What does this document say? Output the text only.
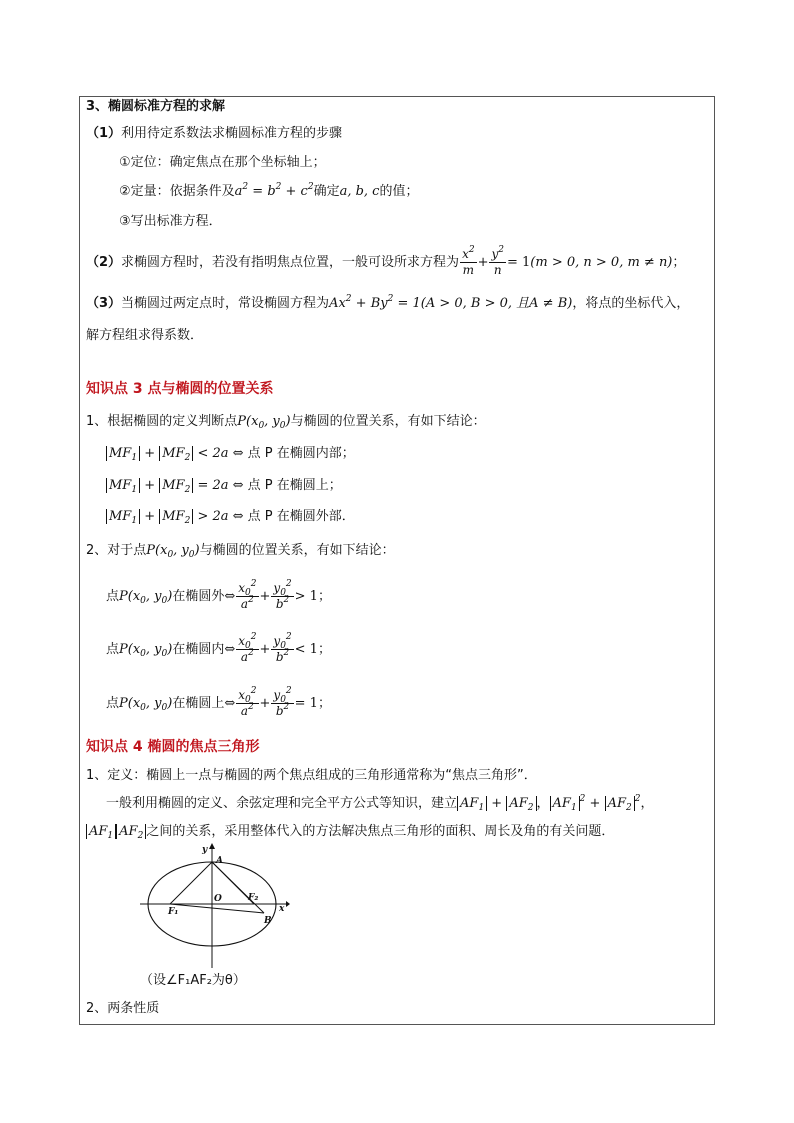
3、椭圆标准方程的求解
（1）利用待定系数法求椭圆标准方程的步骤
①定位：确定焦点在那个坐标轴上；
②定量：依据条件及$a^2 = b^2 + c^2$确定a, b, c的值；
③写出标准方程．
（2）求椭圆方程时，若没有指明焦点位置，一般可设所求方程为 $\frac{x^2}{m} + \frac{y^2}{n} = 1(m > 0$, n > 0, m ≠ n)；
（3）当椭圆过两定点时，常设椭圆方程为$Ax^2 + By^2 = 1(A > 0$, B > 0, 且A ≠ B)，将点的坐标代入，
解方程组求得系数．
知识点 3 点与椭圆的位置关系
1、根据椭圆的定义判断点$P(x_0$, $y_0$)与椭圆的位置关系，有如下结论：
$MF_1 + MF_2 < 2a$ ⇔ 点 P 在椭圆内部；
$MF_1 + MF_2 = 2a$ ⇔ 点 P 在椭圆上；
$MF_1 + MF_2 > 2a$ ⇔ 点 P 在椭圆外部．
2、对于点$P(x_0$, $y_0$)与椭圆的位置关系，有如下结论：
点$P(x_0$, $y_0$)在椭圆外⇔ $\frac{x_0^2}{a^2} + \frac{y_0^2}{b^2} > 1$；
点$P(x_0$, $y_0$)在椭圆内⇔ $\frac{x_0^2}{a^2} + \frac{y_0^2}{b^2} < 1$；
点$P(x_0$, $y_0$)在椭圆上⇔ $\frac{x_0^2}{a^2} + \frac{y_0^2}{b^2} = 1$；
知识点 4 椭圆的焦点三角形
1、定义：椭圆上一点与椭圆的两个焦点组成的三角形通常称为“焦点三角形”．
一般利用椭圆的定义、余弦定理和完全平方公式等知识，建立 $AF_1 + AF_2$ ， $AF_1^2 + AF_2^2$，
$AF_1$ $AF_2$ 之间的关系，采用整体代入的方法解决焦点三角形的面积、周长及角的有关问题．
y
A
O	F₂
x
F₁
B
（设∠F₁AF₂为θ）
2、两条性质
